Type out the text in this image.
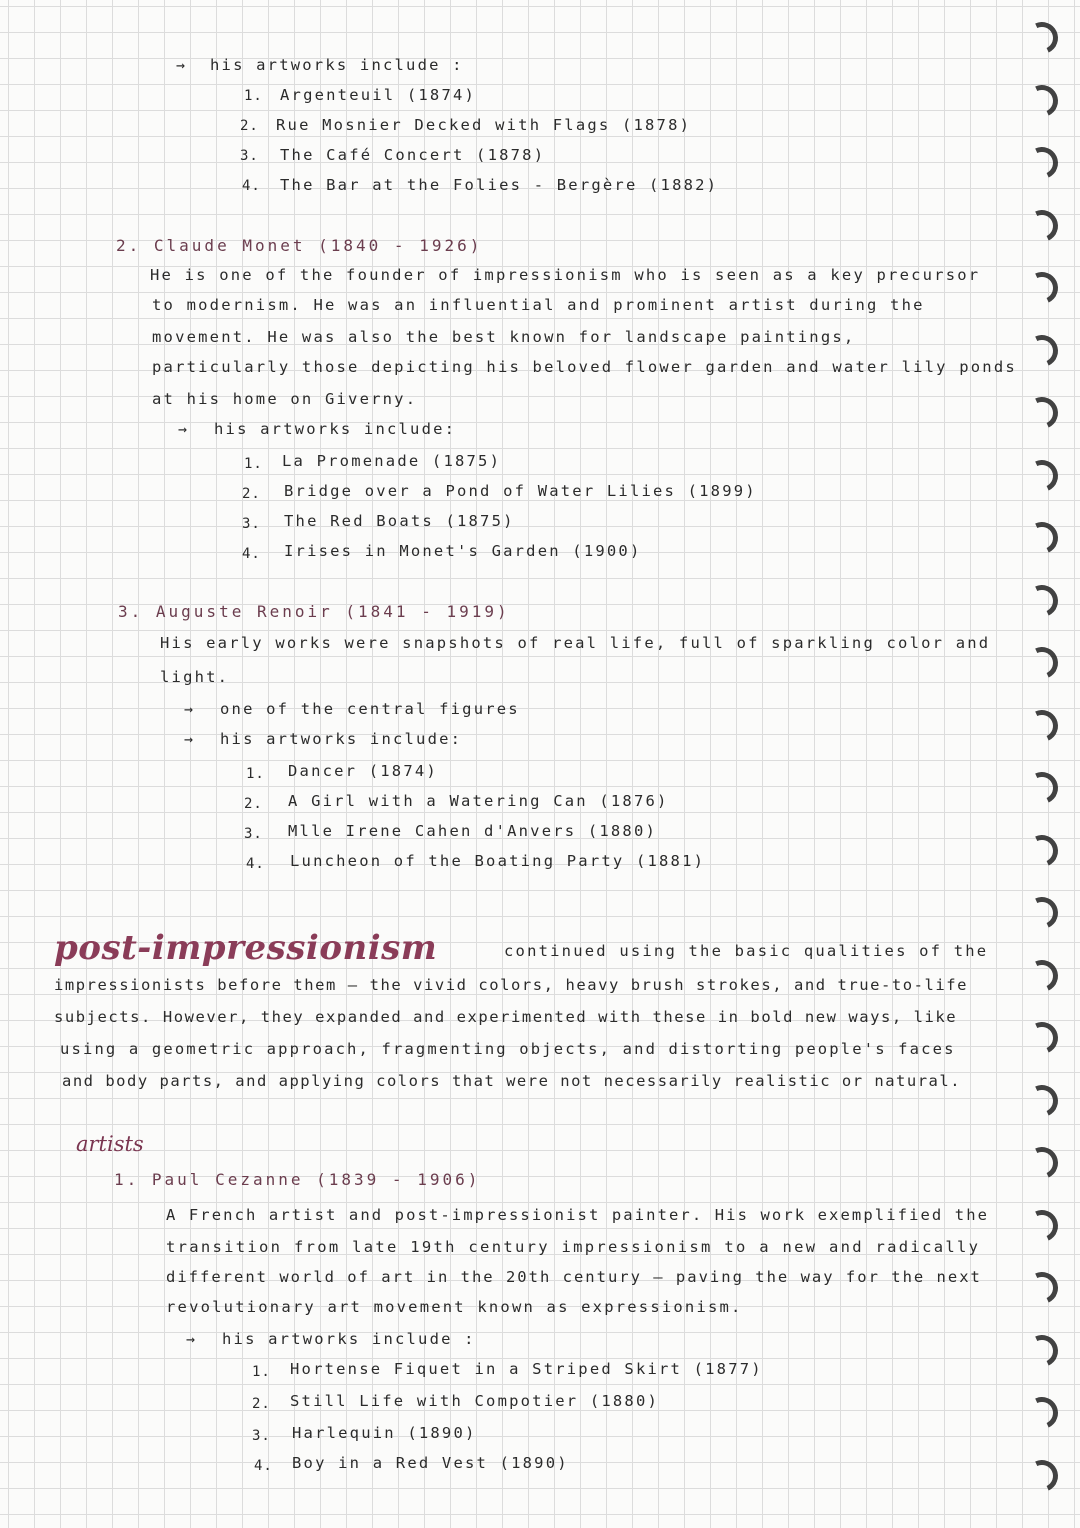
→ his artworks include :
1. Argenteuil (1874)
2. Rue Mosnier Decked with Flags (1878)
3. The Café Concert (1878)
4. The Bar at the Folies - Bergère (1882)
2. Claude Monet (1840 - 1926)
He is one of the founder of impressionism who is seen as a key precursor
to modernism. He was an influential and prominent artist during the
movement. He was also the best known for landscape paintings,
particularly those depicting his beloved flower garden and water lily ponds
at his home on Giverny.
→ his artworks include:
1. La Promenade (1875)
2. Bridge over a Pond of Water Lilies (1899)
3. The Red Boats (1875)
4. Irises in Monet's Garden (1900)
3. Auguste Renoir (1841 - 1919)
His early works were snapshots of real life, full of sparkling color and
light.
→ one of the central figures
→ his artworks include:
1. Dancer (1874)
2. A Girl with a Watering Can (1876)
3. Mlle Irene Cahen d'Anvers (1880)
4. Luncheon of the Boating Party (1881)
post-impressionism	continued using the basic qualities of the
impressionists before them — the vivid colors, heavy brush strokes, and true-to-life
subjects. However, they expanded and experimented with these in bold new ways, like
using a geometric approach, fragmenting objects, and distorting people's faces
and body parts, and applying colors that were not necessarily realistic or natural.
artists
1. Paul Cezanne (1839 - 1906)
A French artist and post-impressionist painter. His work exemplified the
transition from late 19th century impressionism to a new and radically
different world of art in the 20th century — paving the way for the next
revolutionary art movement known as expressionism.
→ his artworks include :
1. Hortense Fiquet in a Striped Skirt (1877)
2. Still Life with Compotier (1880)
3. Harlequin (1890)
4. Boy in a Red Vest (1890)
